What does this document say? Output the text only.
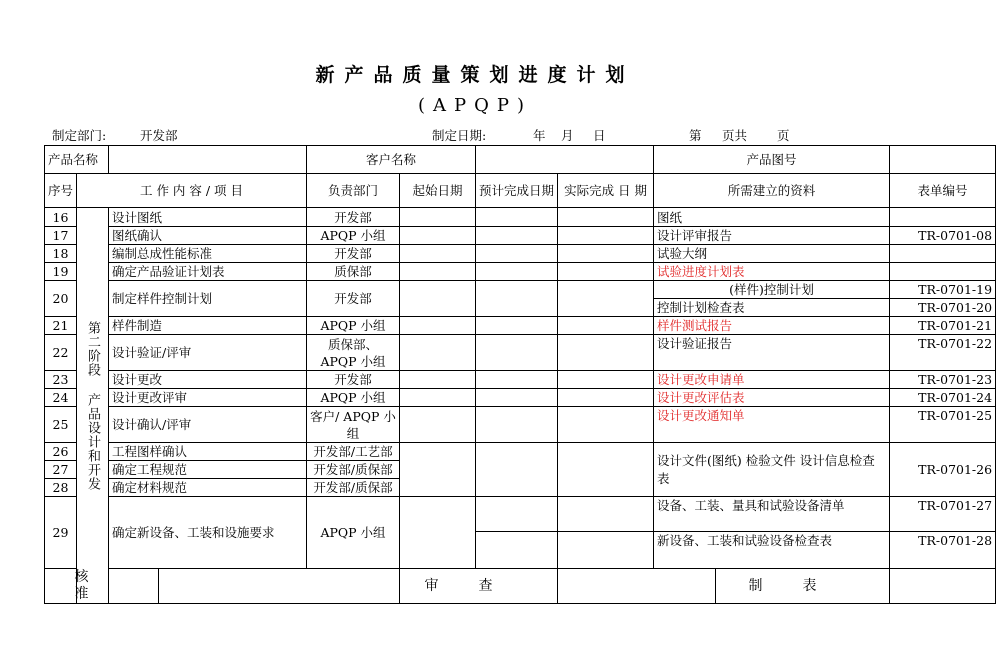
新产品质量策划进度计划
(APQP)
制定部门:	开发部	制定日期:	年 月 日	第 页共 页
产品名称				客户名称				产品图号		
序号	工 作 内 容 / 项 目			负责部门	起始日期	预计完成日期	实际完成 日 期	所需建立的资料		表单编号
16	第二阶段 产品设计和开发	设计图纸		开发部				图纸		
17		图纸确认		APQP 小组				设计评审报告		TR-0701-08
18		编制总成性能标准		开发部				试验大纲		
19		确定产品验证计划表		质保部				试验进度计划表		
20		制定样件控制计划		开发部				(样件)控制计划		TR-0701-19
								控制计划检查表		TR-0701-20
21		样件制造		APQP 小组				样件测试报告		TR-0701-21
22		设计验证/评审		质保部、APQP 小组				设计验证报告		TR-0701-22
23		设计更改		开发部				设计更改申请单		TR-0701-23
24		设计更改评审		APQP 小组				设计更改评估表		TR-0701-24
25		设计确认/评审		客户/ APQP 小组				设计更改通知单		TR-0701-25
26		工程图样确认		开发部/工艺部				设计文件(图纸) 检验文件 设计信息检查表		TR-0701-26
27		确定工程规范		开发部/质保部						
28		确定材料规范		开发部/质保部						
29		确定新设备、工装和设施要求		APQP 小组				设备、工装、量具和试验设备清单		TR-0701-27
								新设备、工装和试验设备检查表		TR-0701-28
核准					审查				制表	
